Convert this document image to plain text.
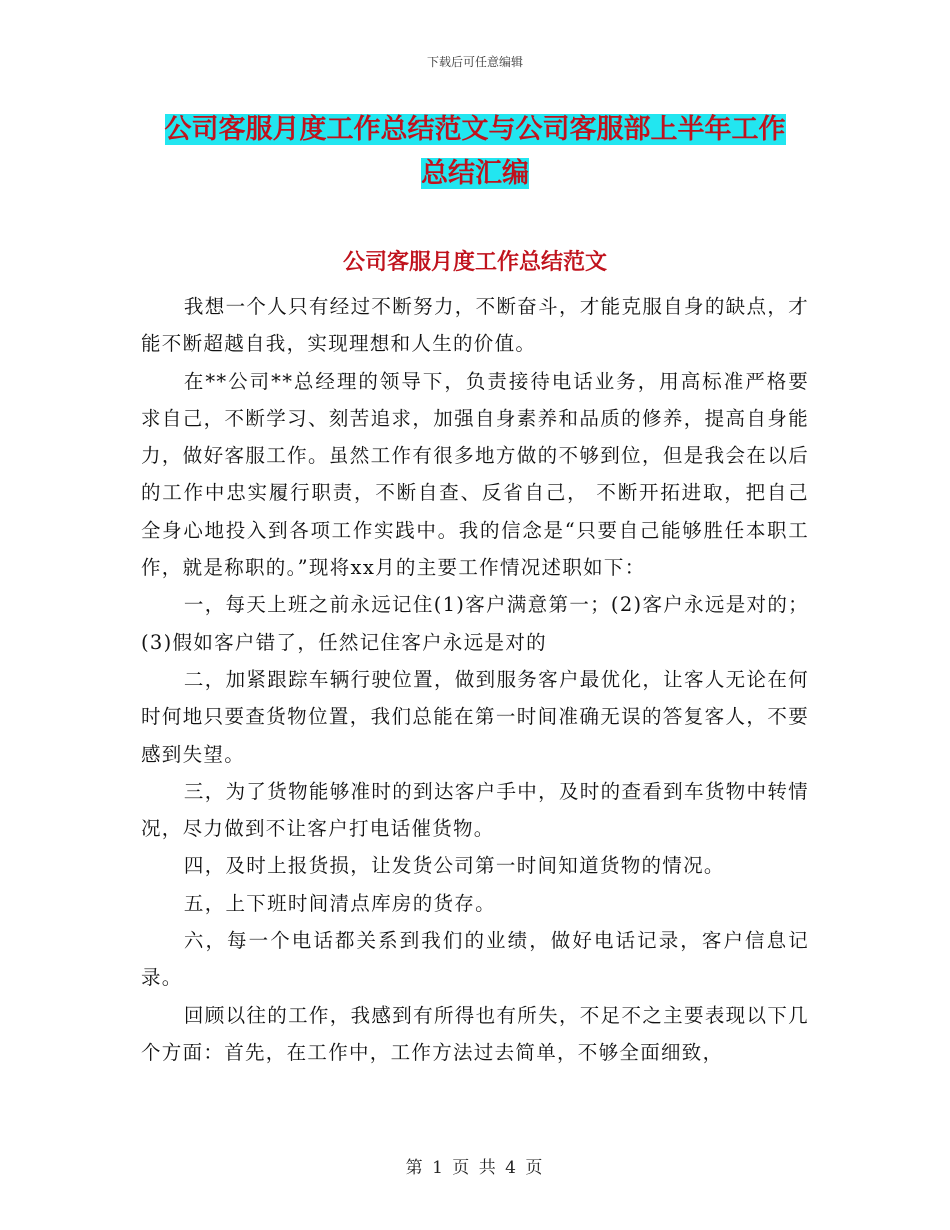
下载后可任意编辑
公司客服月度工作总结范文与公司客服部上半年工作
总结汇编
公司客服月度工作总结范文

我想一个人只有经过不断努力，不断奋斗，才能克服自身的缺点，才能不断超越自我，实现理想和人生的价值。

在**公司**总经理的领导下，负责接待电话业务，用高标准严格要求自己，不断学习、刻苦追求，加强自身素养和品质的修养，提高自身能力，做好客服工作。虽然工作有很多地方做的不够到位，但是我会在以后的工作中忠实履行职责，不断自查、反省自己， 不断开拓进取，把自己全身心地投入到各项工作实践中。我的信念是“只要自己能够胜任本职工作，就是称职的。”现将xx月的主要工作情况述职如下：

一，每天上班之前永远记住(1)客户满意第一；(2)客户永远是对的；(3)假如客户错了，任然记住客户永远是对的

二，加紧跟踪车辆行驶位置，做到服务客户最优化，让客人无论在何时何地只要查货物位置，我们总能在第一时间准确无误的答复客人，不要感到失望。

三，为了货物能够准时的到达客户手中，及时的查看到车货物中转情况，尽力做到不让客户打电话催货物。

四，及时上报货损，让发货公司第一时间知道货物的情况。

五，上下班时间清点库房的货存。

六，每一个电话都关系到我们的业绩，做好电话记录，客户信息记录。

回顾以往的工作，我感到有所得也有所失，不足不之主要表现以下几个方面：首先，在工作中，工作方法过去简单，不够全面细致，

第 1 页 共 4 页
